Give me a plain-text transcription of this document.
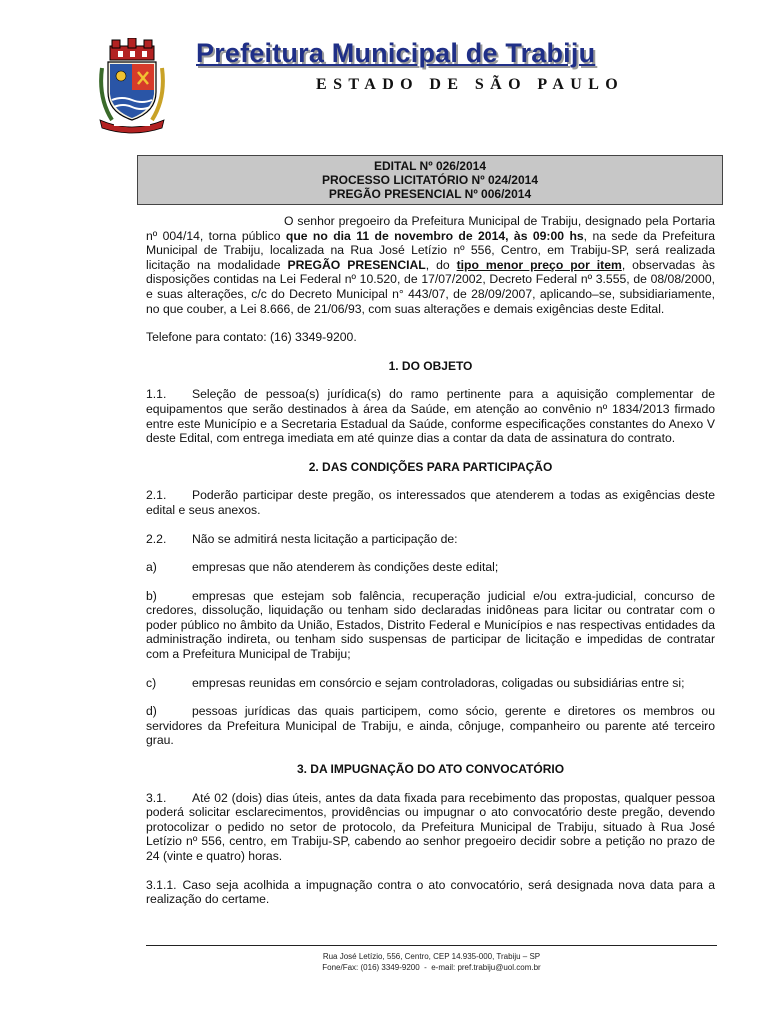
Prefeitura Municipal de Trabiju
ESTADO DE SÃO PAULO
EDITAL Nº 026/2014
PROCESSO LICITATÓRIO Nº 024/2014
PREGÃO PRESENCIAL Nº 006/2014

O senhor pregoeiro da Prefeitura Municipal de Trabiju, designado pela Portaria nº 004/14, torna público que no dia 11 de novembro de 2014, às 09:00 hs, na sede da Prefeitura Municipal de Trabiju, localizada na Rua José Letízio nº 556, Centro, em Trabiju-SP, será realizada licitação na modalidade PREGÃO PRESENCIAL, do tipo menor preço por item, observadas às disposições contidas na Lei Federal nº 10.520, de 17/07/2002, Decreto Federal nº 3.555, de 08/08/2000, e suas alterações, c/c do Decreto Municipal n° 443/07, de 28/09/2007, aplicando–se, subsidiariamente, no que couber, a Lei 8.666, de 21/06/93, com suas alterações e demais exigências deste Edital.

Telefone para contato: (16) 3349-9200.

1. DO OBJETO

1.1. Seleção de pessoa(s) jurídica(s) do ramo pertinente para a aquisição complementar de equipamentos que serão destinados à área da Saúde, em atenção ao convênio nº 1834/2013 firmado entre este Município e a Secretaria Estadual da Saúde, conforme especificações constantes do Anexo V deste Edital, com entrega imediata em até quinze dias a contar da data de assinatura do contrato.

2. DAS CONDIÇÕES PARA PARTICIPAÇÃO

2.1. Poderão participar deste pregão, os interessados que atenderem a todas as exigências deste edital e seus anexos.

2.2. Não se admitirá nesta licitação a participação de:

a)	empresas que não atenderem às condições deste edital;

b)	empresas que estejam sob falência, recuperação judicial e/ou extra-judicial, concurso de credores, dissolução, liquidação ou tenham sido declaradas inidôneas para licitar ou contratar com o poder público no âmbito da União, Estados, Distrito Federal e Municípios e nas respectivas entidades da administração indireta, ou tenham sido suspensas de participar de licitação e impedidas de contratar com a Prefeitura Municipal de Trabiju;

c)	empresas reunidas em consórcio e sejam controladoras, coligadas ou subsidiárias entre si;

d)	pessoas jurídicas das quais participem, como sócio, gerente e diretores os membros ou servidores da Prefeitura Municipal de Trabiju, e ainda, cônjuge, companheiro ou parente até terceiro grau.

3. DA IMPUGNAÇÃO DO ATO CONVOCATÓRIO

3.1. Até 02 (dois) dias úteis, antes da data fixada para recebimento das propostas, qualquer pessoa poderá solicitar esclarecimentos, providências ou impugnar o ato convocatório deste pregão, devendo protocolizar o pedido no setor de protocolo, da Prefeitura Municipal de Trabiju, situado à Rua José Letízio nº 556, centro, em Trabiju-SP, cabendo ao senhor pregoeiro decidir sobre a petição no prazo de 24 (vinte e quatro) horas.

3.1.1. Caso seja acolhida a impugnação contra o ato convocatório, será designada nova data para a realização do certame.

Rua José Letízio, 556, Centro, CEP 14.935-000, Trabiju – SP
Fone/Fax: (016) 3349-9200  -  e-mail: pref.trabiju@uol.com.br
